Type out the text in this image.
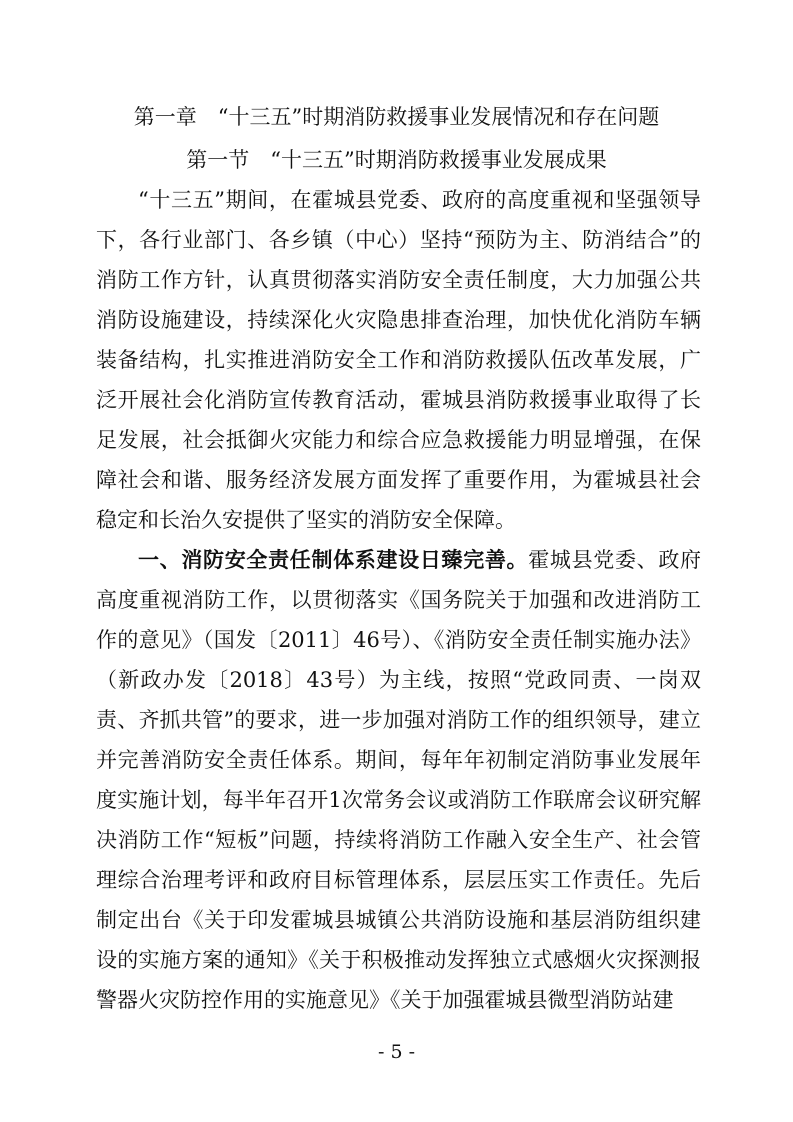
第一章　“十三五”时期消防救援事业发展情况和存在问题
第一节　“十三五”时期消防救援事业发展成果

“十三五”期间，在霍城县党委、政府的高度重视和坚强领导下，各行业部门、各乡镇（中心）坚持“预防为主、防消结合”的消防工作方针，认真贯彻落实消防安全责任制度，大力加强公共消防设施建设，持续深化火灾隐患排查治理，加快优化消防车辆装备结构，扎实推进消防安全工作和消防救援队伍改革发展，广泛开展社会化消防宣传教育活动，霍城县消防救援事业取得了长足发展，社会抵御火灾能力和综合应急救援能力明显增强，在保障社会和谐、服务经济发展方面发挥了重要作用，为霍城县社会稳定和长治久安提供了坚实的消防安全保障。

一、消防安全责任制体系建设日臻完善。霍城县党委、政府高度重视消防工作，以贯彻落实《国务院关于加强和改进消防工作的意见》（国发〔2011〕46号）、《消防安全责任制实施办法》（新政办发〔2018〕43号）为主线，按照“党政同责、一岗双责、齐抓共管”的要求，进一步加强对消防工作的组织领导，建立并完善消防安全责任体系。期间，每年年初制定消防事业发展年度实施计划，每半年召开1次常务会议或消防工作联席会议研究解决消防工作“短板”问题，持续将消防工作融入安全生产、社会管理综合治理考评和政府目标管理体系，层层压实工作责任。先后制定出台《关于印发霍城县城镇公共消防设施和基层消防组织建设的实施方案的通知》《关于积极推动发挥独立式感烟火灾探测报警器火灾防控作用的实施意见》《关于加强霍城县微型消防站建

- 5 -
